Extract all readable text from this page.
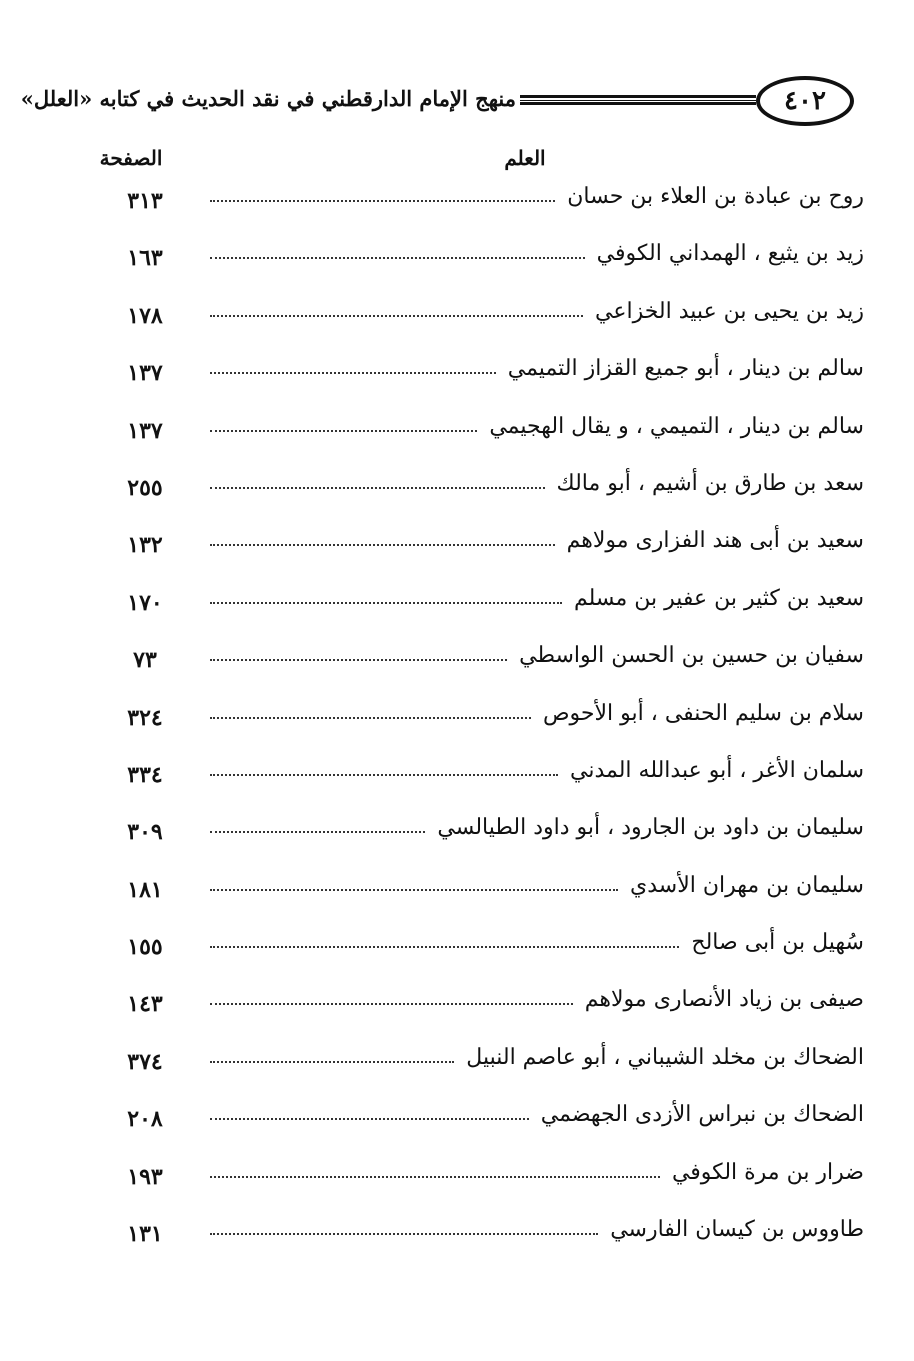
٤٠٢
منهج الإمام الدارقطني في نقد الحديث في كتابه «العلل»
العلم
الصفحة
روح بن عبادة بن العلاء بن حسان
٣١٣
زيد بن يثيع ، الهمداني الكوفي
١٦٣
زيد بن يحيى بن عبيد الخزاعي
١٧٨
سالم بن دينار ، أبو جميع القزاز التميمي
١٣٧
سالم بن دينار ، التميمي ، و يقال الهجيمي
١٣٧
سعد بن طارق بن أشيم ، أبو مالك
٢٥٥
سعيد بن أبى هند الفزارى مولاهم
١٣٢
سعيد بن كثير بن عفير بن مسلم
١٧٠
سفيان بن حسين بن الحسن الواسطي
٧٣
سلام بن سليم الحنفى ، أبو الأحوص
٣٢٤
سلمان الأغر ، أبو عبدالله المدني
٣٣٤
سليمان بن داود بن الجارود ، أبو داود الطيالسي
٣٠٩
سليمان بن مهران الأسدي
١٨١
سُهيل بن أبى صالح
١٥٥
صيفى بن زياد الأنصارى مولاهم
١٤٣
الضحاك بن مخلد الشيباني ، أبو عاصم النبيل
٣٧٤
الضحاك بن نبراس الأزدى الجهضمي
٢٠٨
ضرار بن مرة الكوفي
١٩٣
طاووس بن كيسان الفارسي
١٣١
